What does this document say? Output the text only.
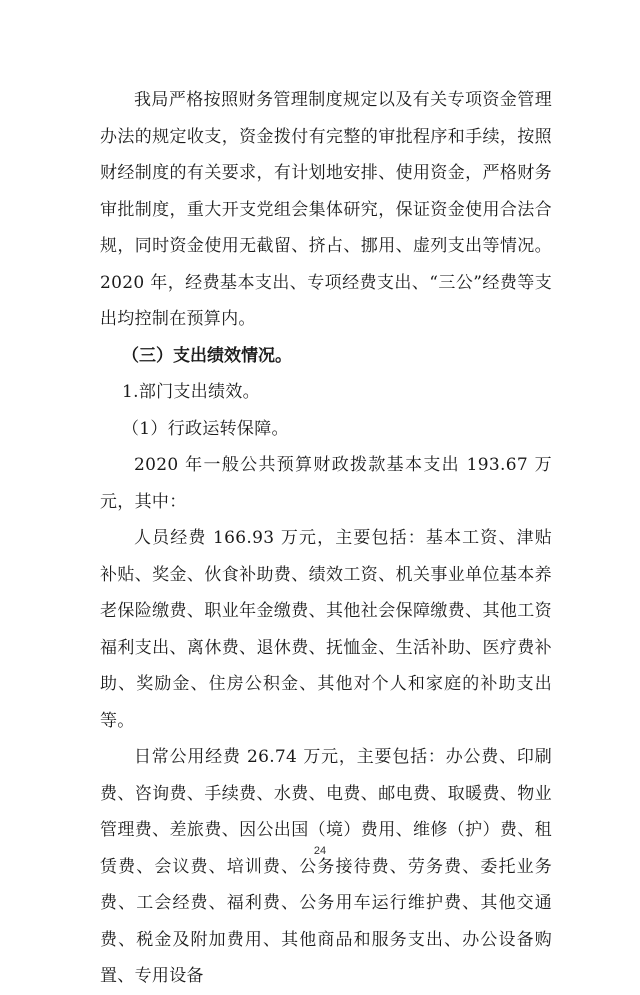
我局严格按照财务管理制度规定以及有关专项资金管理办法的规定收支，资金拨付有完整的审批程序和手续，按照财经制度的有关要求，有计划地安排、使用资金，严格财务审批制度，重大开支党组会集体研究，保证资金使用合法合规，同时资金使用无截留、挤占、挪用、虚列支出等情况。2020 年，经费基本支出、专项经费支出、“三公”经费等支出均控制在预算内。

（三）支出绩效情况。

1.部门支出绩效。

（1）行政运转保障。

2020 年一般公共预算财政拨款基本支出 193.67 万元，其中：

人员经费 166.93 万元，主要包括：基本工资、津贴补贴、奖金、伙食补助费、绩效工资、机关事业单位基本养老保险缴费、职业年金缴费、其他社会保障缴费、其他工资福利支出、离休费、退休费、抚恤金、生活补助、医疗费补助、奖励金、住房公积金、其他对个人和家庭的补助支出等。

日常公用经费 26.74 万元，主要包括：办公费、印刷费、咨询费、手续费、水费、电费、邮电费、取暖费、物业管理费、差旅费、因公出国（境）费用、维修（护）费、租赁费、会议费、培训费、公务接待费、劳务费、委托业务费、工会经费、福利费、公务用车运行维护费、其他交通费、税金及附加费用、其他商品和服务支出、办公设备购置、专用设备

24
